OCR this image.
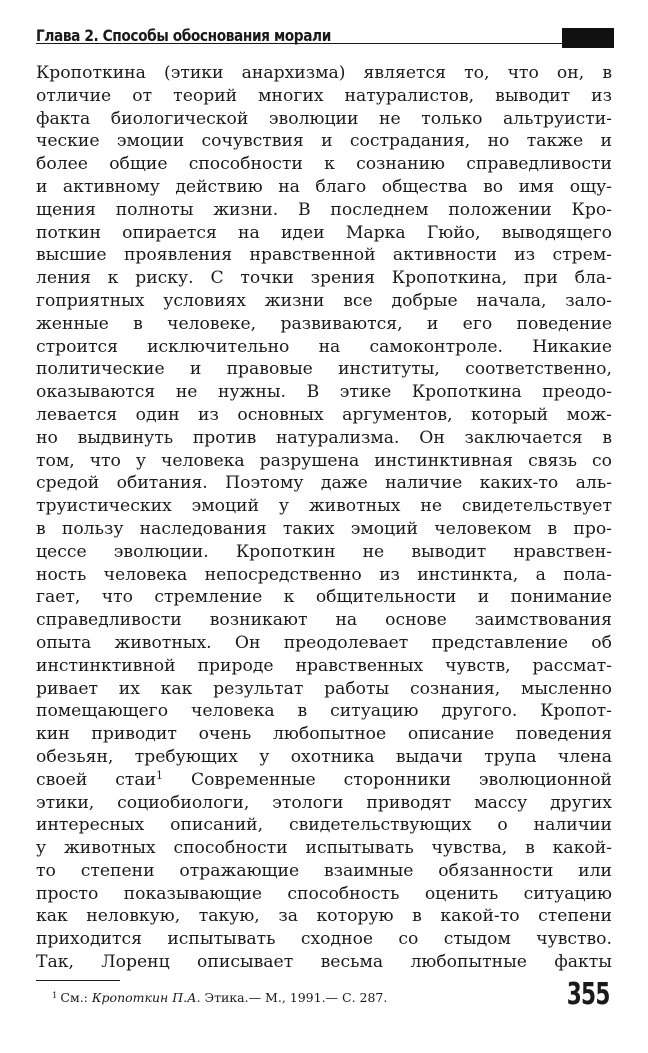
Глава 2. Способы обоснования морали
Кропоткина (этики анархизма) является то, что он, в
отличие от теорий многих натуралистов, выводит из
факта биологической эволюции не только альтруисти-
ческие эмоции сочувствия и сострадания, но также и
более общие способности к сознанию справедливости
и активному действию на благо общества во имя ощу-
щения полноты жизни. В последнем положении Кро-
поткин опирается на идеи Марка Гюйо, выводящего
высшие проявления нравственной активности из стрем-
ления к риску. С точки зрения Кропоткина, при бла-
гоприятных условиях жизни все добрые начала, зало-
женные в человеке, развиваются, и его поведение
строится исключительно на самоконтроле. Никакие
политические и правовые институты, соответственно,
оказываются не нужны. В этике Кропоткина преодо-
левается один из основных аргументов, который мож-
но выдвинуть против натурализма. Он заключается в
том, что у человека разрушена инстинктивная связь со
средой обитания. Поэтому даже наличие каких-то аль-
труистических эмоций у животных не свидетельствует
в пользу наследования таких эмоций человеком в про-
цессе эволюции. Кропоткин не выводит нравствен-
ность человека непосредственно из инстинкта, а пола-
гает, что стремление к общительности и понимание
справедливости возникают на основе заимствования
опыта животных. Он преодолевает представление об
инстинктивной природе нравственных чувств, рассмат-
ривает их как результат работы сознания, мысленно
помещающего человека в ситуацию другого. Кропот-
кин приводит очень любопытное описание поведения
обезьян, требующих у охотника выдачи трупа члена
своей стаи$^1$ Современные сторонники эволюционной
этики, социобиологи, этологи приводят массу других
интересных описаний, свидетельствующих о наличии
у животных способности испытывать чувства, в какой-
то степени отражающие взаимные обязанности или
просто показывающие способность оценить ситуацию
как неловкую, такую, за которую в какой-то степени
приходится испытывать сходное со стыдом чувство.
Так, Лоренц описывает весьма любопытные факты
$^1$ См.: Кропоткин П.А. Этика.— М., 1991.— С. 287.	355
